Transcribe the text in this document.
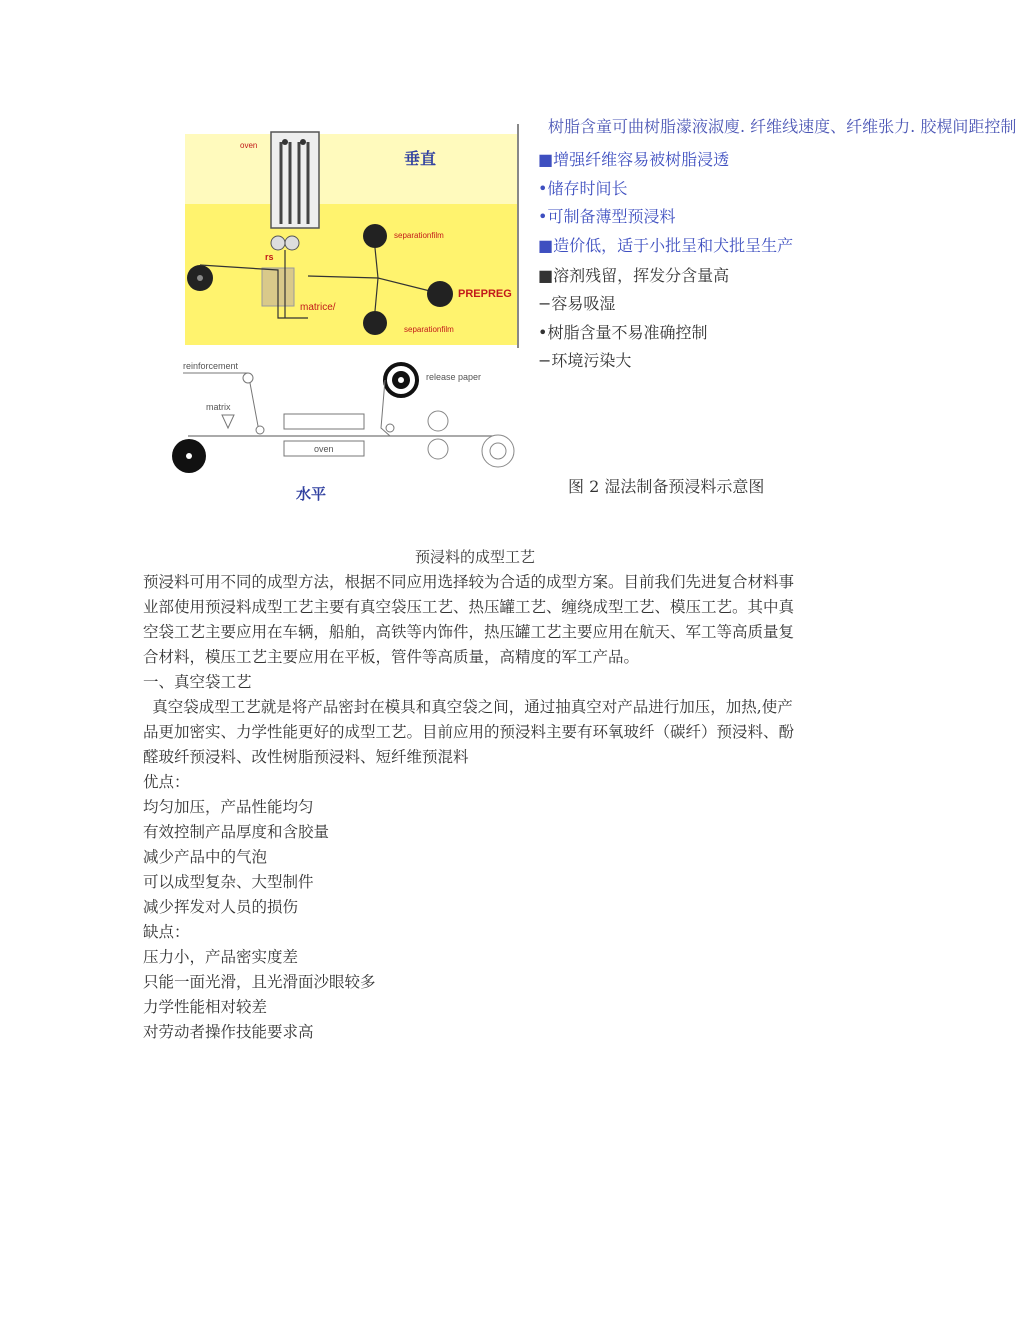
oven
垂直
rs
separationfilm
separationfilm
PREPREG
matrice/
reinforcement
matrix
oven
release paper
水平
树脂含童可曲树脂濛液淑廋. 纤维线速度、纤维张力. 胶榥间距控制
■增强纤维容易被树脂浸透
•储存时间长
•可制备薄型预浸料
■造价低，适于小批呈和犬批呈生产
■溶剂残留，挥发分含量高
−容易吸湿
•树脂含量不易准确控制
−环境污染大
图 2 湿法制备预浸料示意图
预浸料的成型工艺

预浸料可用不同的成型方法，根据不同应用选择较为合适的成型方案。目前我们先进复合材料事业部使用预浸料成型工艺主要有真空袋压工艺、热压罐工艺、缠绕成型工艺、模压工艺。其中真空袋工艺主要应用在车辆，船舶，高铁等内饰件，热压罐工艺主要应用在航天、军工等高质量复合材料，模压工艺主要应用在平板，管件等高质量，高精度的军工产品。

一、真空袋工艺

真空袋成型工艺就是将产品密封在模具和真空袋之间，通过抽真空对产品进行加压，加热,使产品更加密实、力学性能更好的成型工艺。目前应用的预浸料主要有环氧玻纤（碳纤）预浸料、酚醛玻纤预浸料、改性树脂预浸料、短纤维预混料

优点：

均匀加压，产品性能均匀

有效控制产品厚度和含胶量

减少产品中的气泡

可以成型复杂、大型制件

减少挥发对人员的损伤

缺点：

压力小，产品密实度差

只能一面光滑，且光滑面沙眼较多

力学性能相对较差

对劳动者操作技能要求高
